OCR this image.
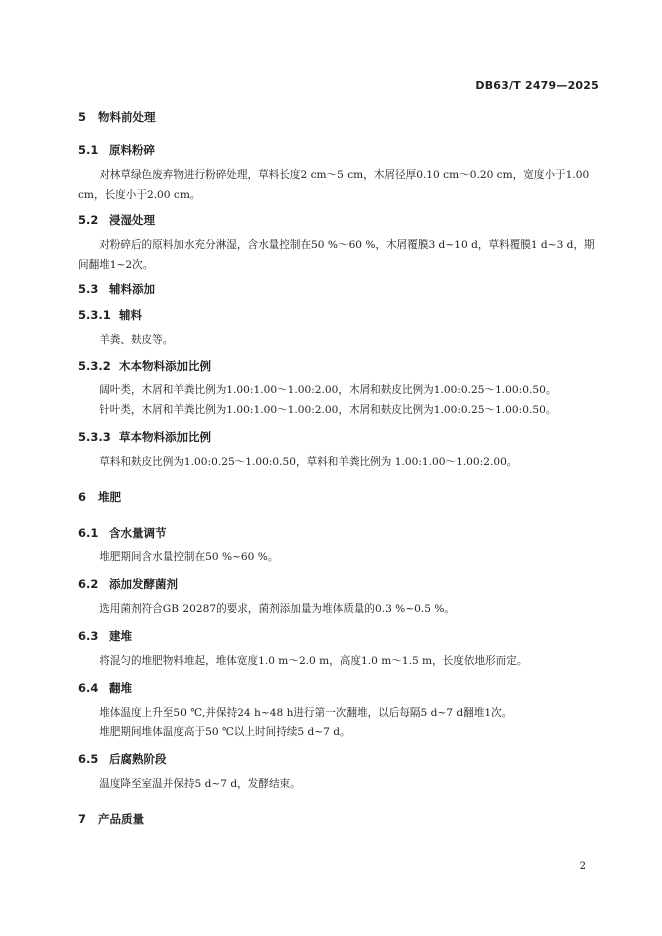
DB63/T 2479—2025
5 物料前处理
5.1 原料粉碎
对林草绿色废弃物进行粉碎处理，草料长度2 cm～5 cm，木屑径厚0.10 cm～0.20 cm，宽度小于1.00 cm，长度小于2.00 cm。
5.2 浸湿处理
对粉碎后的原料加水充分淋湿，含水量控制在50 %～60 %，木屑覆膜3 d~10 d，草料覆膜1 d~3 d，期间翻堆1~2次。
5.3 辅料添加
5.3.1 辅料
羊粪、麸皮等。
5.3.2 木本物料添加比例
阔叶类，木屑和羊粪比例为1.00:1.00～1.00:2.00，木屑和麸皮比例为1.00:0.25～1.00:0.50。
针叶类，木屑和羊粪比例为1.00:1.00～1.00:2.00，木屑和麸皮比例为1.00:0.25～1.00:0.50。
5.3.3 草本物料添加比例
草料和麸皮比例为1.00:0.25～1.00:0.50，草料和羊粪比例为 1.00:1.00～1.00:2.00。
6 堆肥
6.1 含水量调节
堆肥期间含水量控制在50 %~60 %。
6.2 添加发酵菌剂
选用菌剂符合GB 20287的要求，菌剂添加量为堆体质量的0.3 %~0.5 %。
6.3 建堆
将混匀的堆肥物料堆起，堆体宽度1.0 m～2.0 m，高度1.0 m～1.5 m，长度依地形而定。
6.4 翻堆
堆体温度上升至50 ℃,并保持24 h~48 h进行第一次翻堆，以后每隔5 d~7 d翻堆1次。
堆肥期间堆体温度高于50 ℃以上时间持续5 d~7 d。
6.5 后腐熟阶段
温度降至室温并保持5 d~7 d，发酵结束。
7 产品质量
2
